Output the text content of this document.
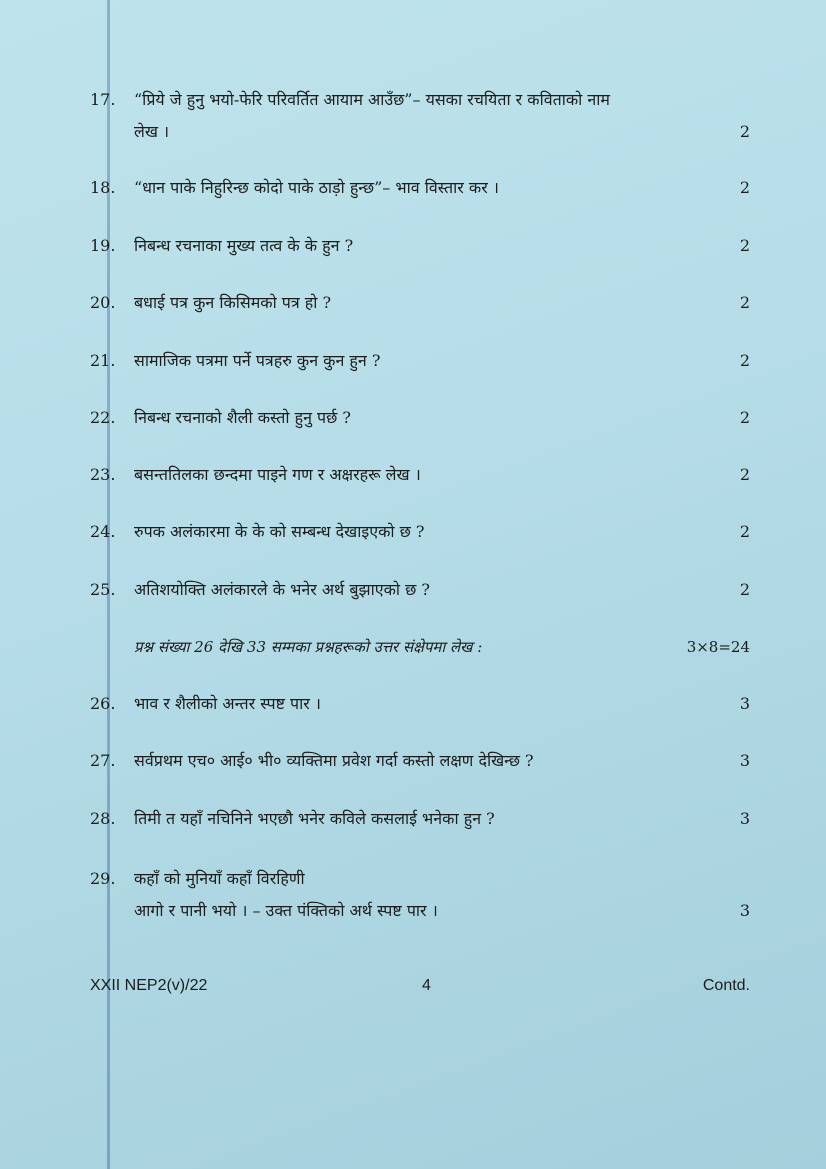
17. “प्रिये जे हुनु भयो-फेरि परिवर्तित आयाम आउँछ”– यसका रचयिता र कविताको नाम
लेख ।	2
18. “धान पाके निहुरिन्छ कोदो पाके ठाड़ो हुन्छ”– भाव विस्तार कर ।	2
19. निबन्ध रचनाका मुख्य तत्व के के हुन ?	2
20. बधाई पत्र कुन किसिमको पत्र हो ?	2
21. सामाजिक पत्रमा पर्ने पत्रहरु कुन कुन हुन ?	2
22. निबन्ध रचनाको शैली कस्तो हुनु पर्छ ?	2
23. बसन्ततिलका छन्दमा पाइने गण र अक्षरहरू लेख ।	2
24. रुपक अलंकारमा के के को सम्बन्ध देखाइएको छ ?	2
25. अतिशयोक्ति अलंकारले के भनेर अर्थ बुझाएको छ ?	2
प्रश्न संख्या 26 देखि 33 सम्मका प्रश्नहरूको उत्तर संक्षेपमा लेख :	3×8=24
26. भाव र शैलीको अन्तर स्पष्ट पार ।	3
27. सर्वप्रथम एच० आई० भी० व्यक्तिमा प्रवेश गर्दा कस्तो लक्षण देखिन्छ ?	3
28. तिमी त यहाँ नचिनिने भएछौ भनेर कविले कसलाई भनेका हुन ?	3
29. कहाँ को मुनियाँ कहाँ विरहिणी
आगो र पानी भयो । – उक्त पंक्तिको अर्थ स्पष्ट पार ।	3
XXII NEP2(v)/22	4	Contd.
